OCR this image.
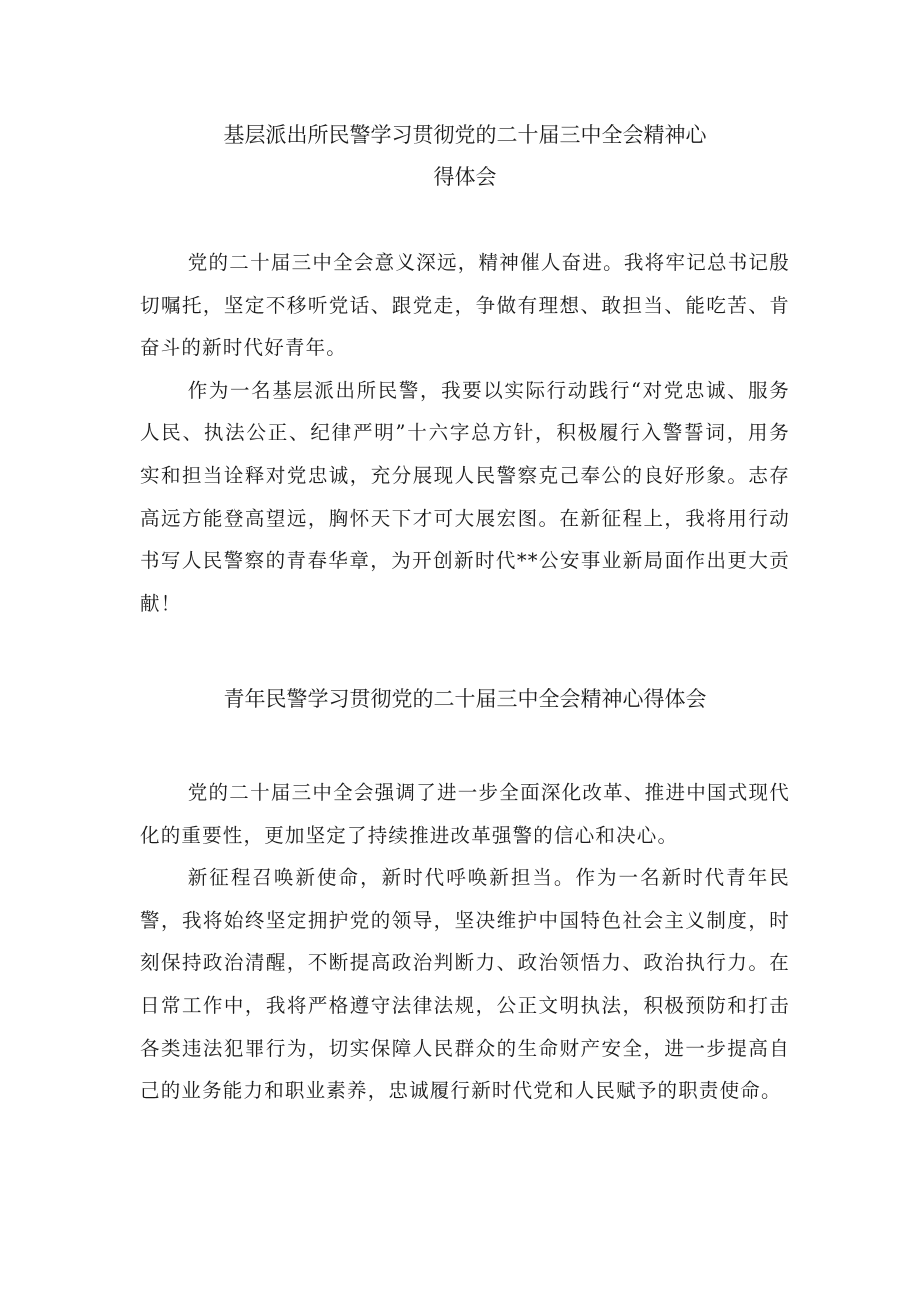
基层派出所民警学习贯彻党的二十届三中全会精神心
得体会

党的二十届三中全会意义深远，精神催人奋进。我将牢记总书记殷切嘱托，坚定不移听党话、跟党走，争做有理想、敢担当、能吃苦、肯奋斗的新时代好青年。

作为一名基层派出所民警，我要以实际行动践行“对党忠诚、服务人民、执法公正、纪律严明”十六字总方针，积极履行入警誓词，用务实和担当诠释对党忠诚，充分展现人民警察克己奉公的良好形象。志存高远方能登高望远，胸怀天下才可大展宏图。在新征程上，我将用行动书写人民警察的青春华章，为开创新时代**公安事业新局面作出更大贡献！

青年民警学习贯彻党的二十届三中全会精神心得体会

党的二十届三中全会强调了进一步全面深化改革、推进中国式现代化的重要性，更加坚定了持续推进改革强警的信心和决心。

新征程召唤新使命，新时代呼唤新担当。作为一名新时代青年民警，我将始终坚定拥护党的领导，坚决维护中国特色社会主义制度，时刻保持政治清醒，不断提高政治判断力、政治领悟力、政治执行力。在日常工作中，我将严格遵守法律法规，公正文明执法，积极预防和打击各类违法犯罪行为，切实保障人民群众的生命财产安全，进一步提高自己的业务能力和职业素养，忠诚履行新时代党和人民赋予的职责使命。
